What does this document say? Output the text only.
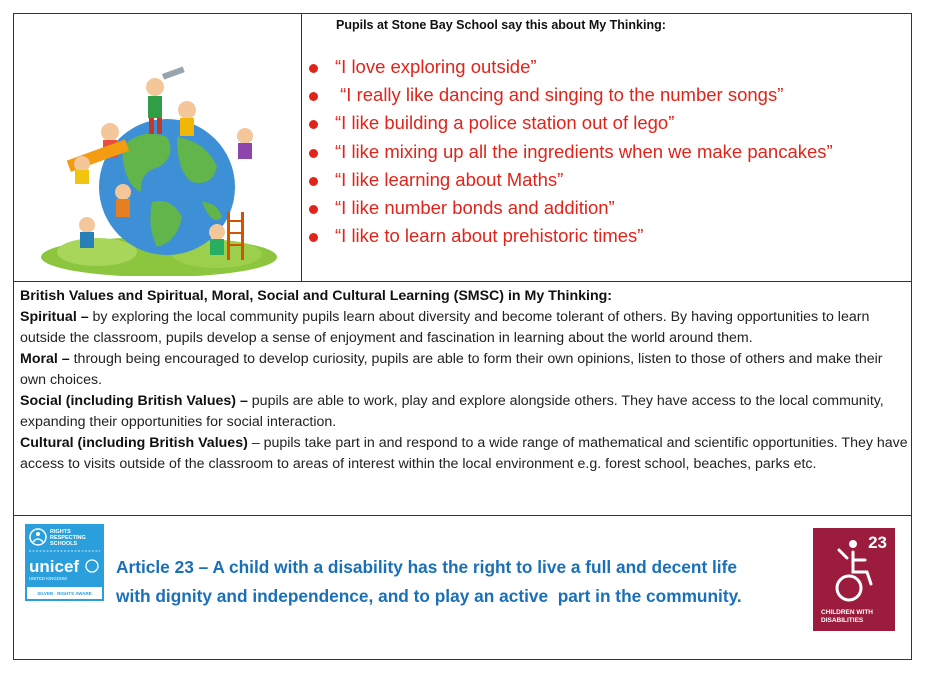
Pupils at Stone Bay School say this about My Thinking:
“I love exploring outside”
“I really like dancing and singing to the number songs”
“I like building a police station out of lego”
“I like mixing up all the ingredients when we make pancakes”
“I like learning about Maths”
“I like number bonds and addition”
“I like to learn about prehistoric times”

British Values and Spiritual, Moral, Social and Cultural Learning (SMSC) in My Thinking:

Spiritual – by exploring the local community pupils learn about diversity and become tolerant of others. By having opportunities to learn outside the classroom, pupils develop a sense of enjoyment and fascination in learning about the world around them.

Moral – through being encouraged to develop curiosity, pupils are able to form their own opinions, listen to those of others and make their own choices.

Social (including British Values) – pupils are able to work, play and explore alongside others. They have access to the local community, expanding their opportunities for social interaction.

Cultural (including British Values) – pupils take part in and respond to a wide range of mathematical and scientific opportunities. They have access to visits outside of the classroom to areas of interest within the local environment e.g. forest school, beaches, parks etc.

RIGHTS
RESPECTING
SCHOOLS
unicef
UNITED KINGDOM
SILVER · RIGHTS AWARE
Article 23 – A child with a disability has the right to live a full and decent life
with dignity and independence, and to play an active  part in the community.
23
CHILDREN WITH
DISABILITIES
